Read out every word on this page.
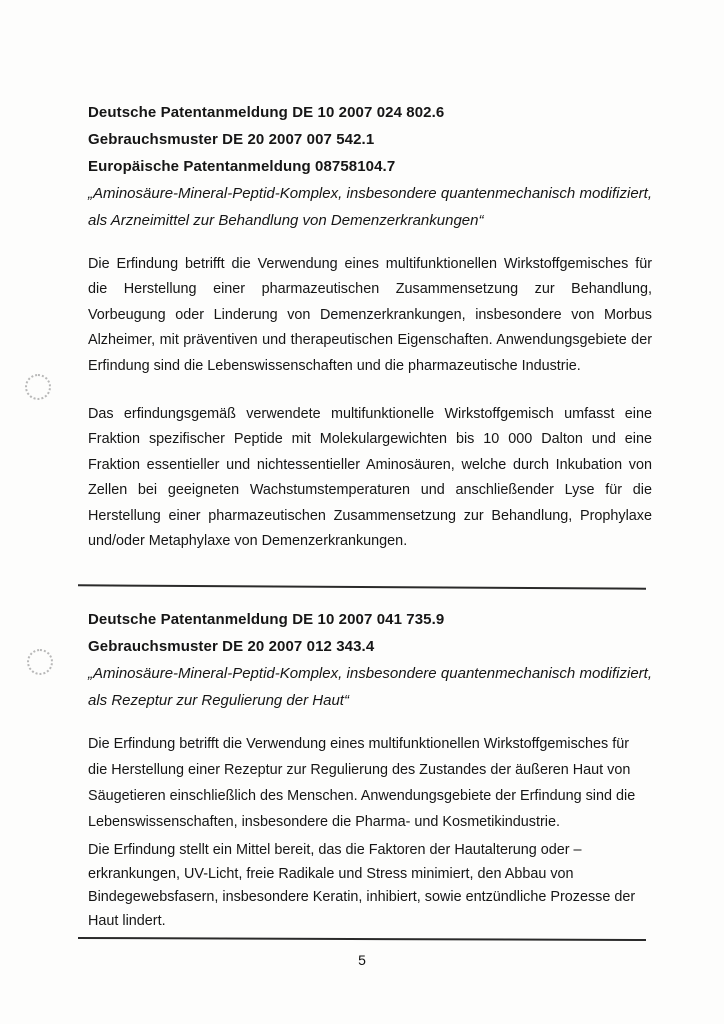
Deutsche Patentanmeldung DE 10 2007 024 802.6
Gebrauchsmuster DE 20 2007 007 542.1
Europäische Patentanmeldung 08758104.7
„Aminosäure-Mineral-Peptid-Komplex, insbesondere quantenmechanisch modifiziert, als Arzneimittel zur Behandlung von Demenzerkrankungen“
Die Erfindung betrifft die Verwendung eines multifunktionellen Wirkstoffgemisches für die Herstellung einer pharmazeutischen Zusammensetzung zur Behandlung, Vorbeugung oder Linderung von Demenzerkrankungen, insbesondere von Morbus Alzheimer, mit präventiven und therapeutischen Eigenschaften. Anwendungsgebiete der Erfindung sind die Lebenswissenschaften und die pharmazeutische Industrie.
Das erfindungsgemäß verwendete multifunktionelle Wirkstoffgemisch umfasst eine Fraktion spezifischer Peptide mit Molekulargewichten bis 10 000 Dalton und eine Fraktion essentieller und nichtessentieller Aminosäuren, welche durch Inkubation von Zellen bei geeigneten Wachstumstemperaturen und anschließender Lyse für die Herstellung einer pharmazeutischen Zusammensetzung zur Behandlung, Prophylaxe und/oder Metaphylaxe von Demenzerkrankungen.
Deutsche Patentanmeldung DE 10 2007 041 735.9
Gebrauchsmuster DE 20 2007 012 343.4
„Aminosäure-Mineral-Peptid-Komplex, insbesondere quantenmechanisch modifiziert, als Rezeptur zur Regulierung der Haut“
Die Erfindung betrifft die Verwendung eines multifunktionellen Wirkstoffgemisches für die Herstellung einer Rezeptur zur Regulierung des Zustandes der äußeren Haut von Säugetieren einschließlich des Menschen. Anwendungsgebiete der Erfindung sind die Lebenswissenschaften, insbesondere die Pharma- und Kosmetikindustrie.
Die Erfindung stellt ein Mittel bereit, das die Faktoren der Hautalterung oder – erkrankungen, UV-Licht, freie Radikale und Stress minimiert, den Abbau von Bindegewebsfasern, insbesondere Keratin, inhibiert, sowie entzündliche Prozesse der Haut lindert.
5
